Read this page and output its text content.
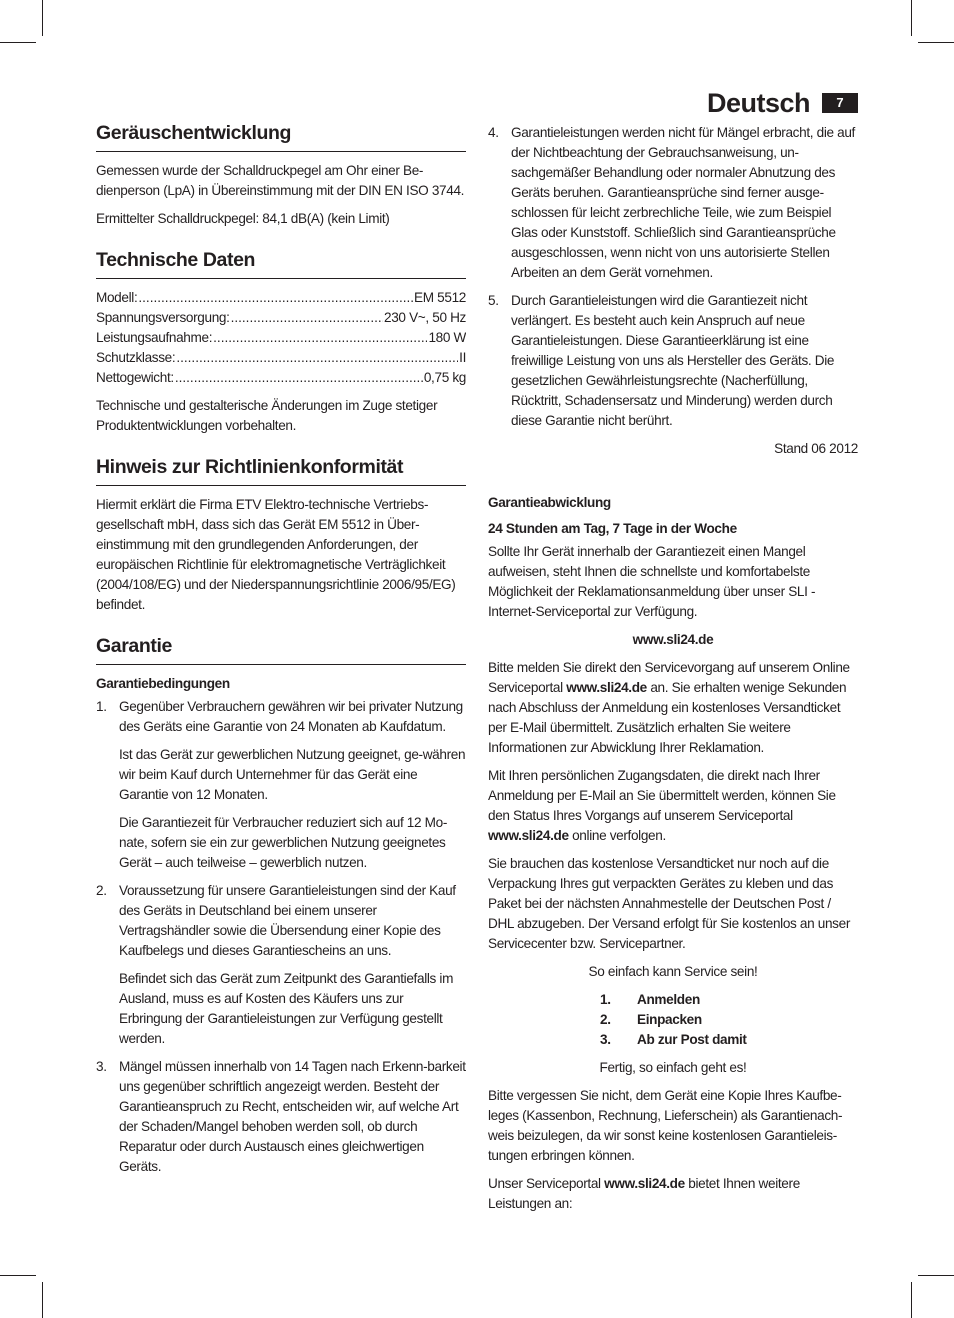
Deutsch	7
Geräuschentwicklung

Gemessen wurde der Schalldruckpegel am Ohr einer Be-dienperson (LpA) in Übereinstimmung mit der DIN EN ISO 3744.

Ermittelter Schalldruckpegel: 84,1 dB(A) (kein Limit)

Technische Daten
Modell: .....	EM 5512
Spannungsversorgung: .....	230 V~, 50 Hz
Leistungsaufnahme: .....	180 W
Schutzklasse: .....	II
Nettogewicht: .....	0,75 kg

Technische und gestalterische Änderungen im Zuge stetiger Produktentwicklungen vorbehalten.

Hinweis zur Richtlinienkonformität

Hiermit erklärt die Firma ETV Elektro-technische Vertriebs-gesellschaft mbH, dass sich das Gerät EM 5512 in Über-einstimmung mit den grundlegenden Anforderungen, der europäischen Richtlinie für elektromagnetische Verträglichkeit (2004/108/EG) und der Niederspannungsrichtlinie 2006/95/EG) befindet.

Garantie
Garantiebedingungen
1. Gegenüber Verbrauchern gewähren wir bei privater Nutzung des Geräts eine Garantie von 24 Monaten ab Kaufdatum.

Ist das Gerät zur gewerblichen Nutzung geeignet, ge-währen wir beim Kauf durch Unternehmer für das Gerät eine Garantie von 12 Monaten.

Die Garantiezeit für Verbraucher reduziert sich auf 12 Mo-nate, sofern sie ein zur gewerblichen Nutzung geeignetes Gerät – auch teilweise – gewerblich nutzen.

2. Voraussetzung für unsere Garantieleistungen sind der Kauf des Geräts in Deutschland bei einem unserer Vertragshändler sowie die Übersendung einer Kopie des Kaufbelegs und dieses Garantiescheins an uns.

Befindet sich das Gerät zum Zeitpunkt des Garantiefalls im Ausland, muss es auf Kosten des Käufers uns zur Erbringung der Garantieleistungen zur Verfügung gestellt werden.

3. Mängel müssen innerhalb von 14 Tagen nach Erkenn-barkeit uns gegenüber schriftlich angezeigt werden. Besteht der Garantieanspruch zu Recht, entscheiden wir, auf welche Art der Schaden/Mangel behoben werden soll, ob durch Reparatur oder durch Austausch eines gleichwertigen Geräts.

4. Garantieleistungen werden nicht für Mängel erbracht, die auf der Nichtbeachtung der Gebrauchsanweisung, un-sachgemäßer Behandlung oder normaler Abnutzung des Geräts beruhen. Garantieansprüche sind ferner ausge-schlossen für leicht zerbrechliche Teile, wie zum Beispiel Glas oder Kunststoff. Schließlich sind Garantieansprüche ausgeschlossen, wenn nicht von uns autorisierte Stellen Arbeiten an dem Gerät vornehmen.

5. Durch Garantieleistungen wird die Garantiezeit nicht verlängert. Es besteht auch kein Anspruch auf neue Garantieleistungen. Diese Garantieerklärung ist eine freiwillige Leistung von uns als Hersteller des Geräts. Die gesetzlichen Gewährleistungsrechte (Nacherfüllung, Rücktritt, Schadensersatz und Minderung) werden durch diese Garantie nicht berührt.

Stand 06 2012

Garantieabwicklung
24 Stunden am Tag, 7 Tage in der Woche

Sollte Ihr Gerät innerhalb der Garantiezeit einen Mangel aufweisen, steht Ihnen die schnellste und komfortabelste Möglichkeit der Reklamationsanmeldung über unser SLI - Internet-Serviceportal zur Verfügung.

www.sli24.de

Bitte melden Sie direkt den Servicevorgang auf unserem Online Serviceportal www.sli24.de an. Sie erhalten wenige Sekunden nach Abschluss der Anmeldung ein kostenloses Versandticket per E-Mail übermittelt. Zusätzlich erhalten Sie weitere Informationen zur Abwicklung Ihrer Reklamation.

Mit Ihren persönlichen Zugangsdaten, die direkt nach Ihrer Anmeldung per E-Mail an Sie übermittelt werden, können Sie den Status Ihres Vorgangs auf unserem Serviceportal www.sli24.de online verfolgen.

Sie brauchen das kostenlose Versandticket nur noch auf die Verpackung Ihres gut verpackten Gerätes zu kleben und das Paket bei der nächsten Annahmestelle der Deutschen Post / DHL abzugeben. Der Versand erfolgt für Sie kostenlos an unser Servicecenter bzw. Servicepartner.

So einfach kann Service sein!

1.	Anmelden
2.	Einpacken
3.	Ab zur Post damit

Fertig, so einfach geht es!

Bitte vergessen Sie nicht, dem Gerät eine Kopie Ihres Kaufbe-leges (Kassenbon, Rechnung, Lieferschein) als Garantienach-weis beizulegen, da wir sonst keine kostenlosen Garantieleis-tungen erbringen können.

Unser Serviceportal www.sli24.de bietet Ihnen weitere Leistungen an:
